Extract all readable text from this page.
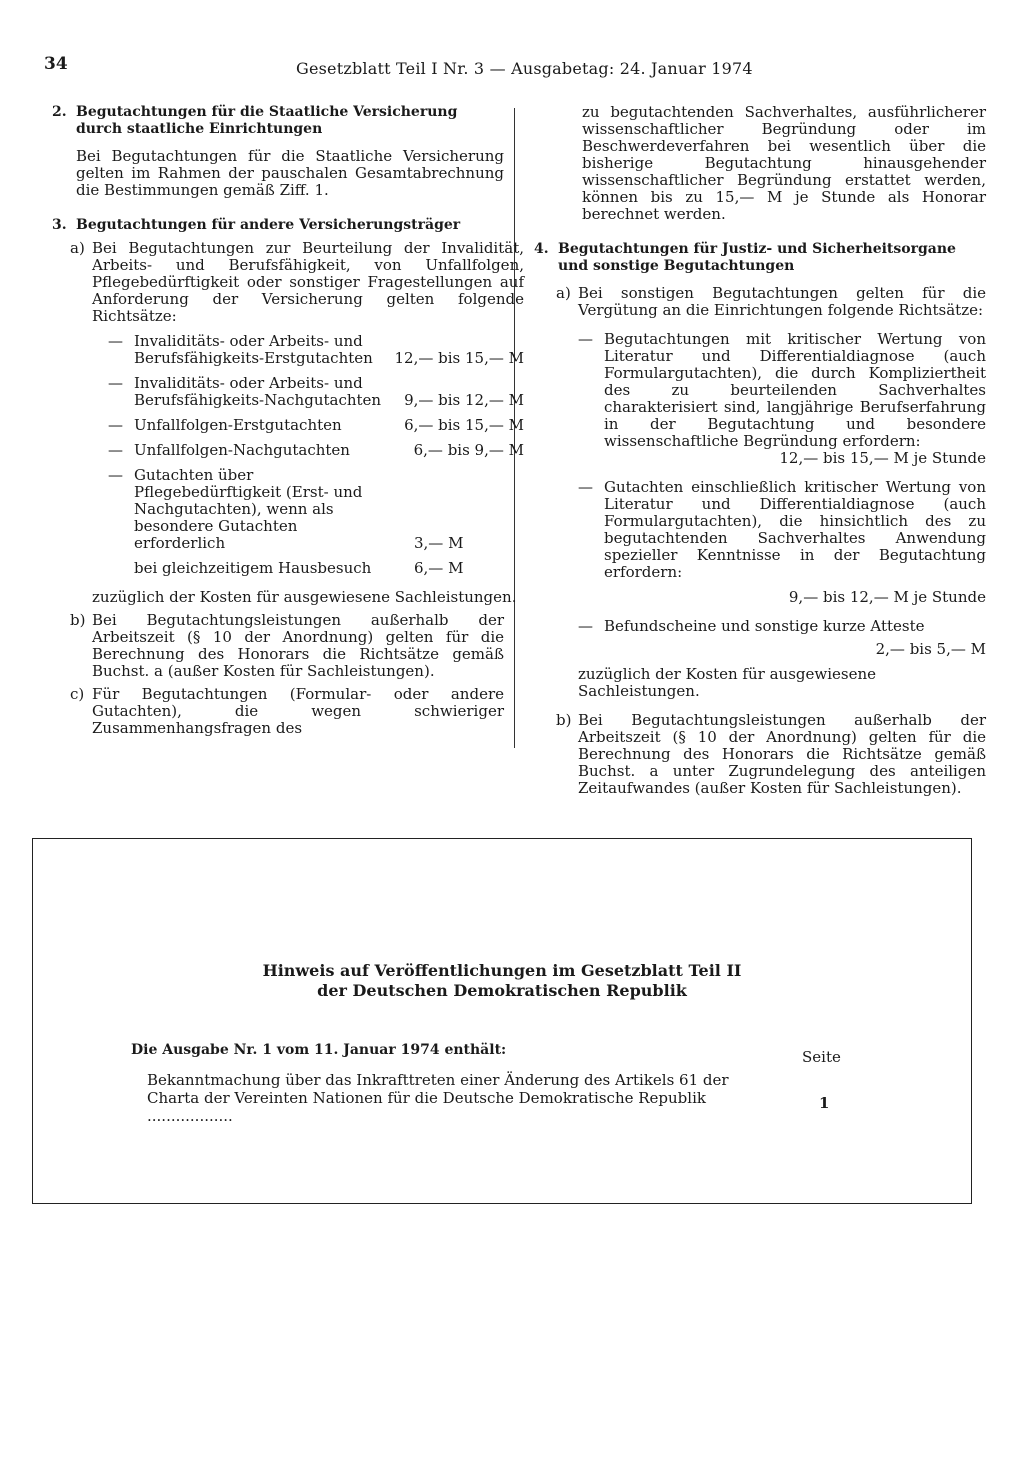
34	Gesetzblatt Teil I Nr. 3 — Ausgabetag: 24. Januar 1974
2. Begutachtungen für die Staatliche Versicherung durch staatliche Einrichtungen
Bei Begutachtungen für die Staatliche Versicherung gelten im Rahmen der pauschalen Gesamtabrechnung die Bestimmungen gemäß Ziff. 1.
3. Begutachtungen für andere Versicherungsträger
a) Bei Begutachtungen zur Beurteilung der Invalidität, Arbeits- und Berufsfähigkeit, von Unfallfolgen, Pflegebedürftigkeit oder sonstiger Fragestellungen auf Anforderung der Versicherung gelten folgende Richtsätze:
— Invaliditäts- oder Arbeits- und Berufsfähigkeits-Erstgutachten	12,— bis 15,— M
— Invaliditäts- oder Arbeits- und Berufsfähigkeits-Nachgutachten	9,— bis 12,— M
— Unfallfolgen-Erstgutachten	6,— bis 15,— M
— Unfallfolgen-Nachgutachten	6,— bis 9,— M
— Gutachten über Pflegebedürftigkeit (Erst- und Nachgutachten), wenn als besondere Gutachten erforderlich	3,— M
bei gleichzeitigem Hausbesuch	6,— M
zuzüglich der Kosten für ausgewiesene Sachleistungen.
b) Bei Begutachtungsleistungen außerhalb der Arbeitszeit (§ 10 der Anordnung) gelten für die Berechnung des Honorars die Richtsätze gemäß Buchst. a (außer Kosten für Sachleistungen).
c) Für Begutachtungen (Formular- oder andere Gutachten), die wegen schwieriger Zusammenhangsfragen des
zu begutachtenden Sachverhaltes, ausführlicherer wissenschaftlicher Begründung oder im Beschwerdeverfahren bei wesentlich über die bisherige Begutachtung hinausgehender wissenschaftlicher Begründung erstattet werden, können bis zu 15,— M je Stunde als Honorar berechnet werden.
4. Begutachtungen für Justiz- und Sicherheitsorgane und sonstige Begutachtungen
a) Bei sonstigen Begutachtungen gelten für die Vergütung an die Einrichtungen folgende Richtsätze:
— Begutachtungen mit kritischer Wertung von Literatur und Differentialdiagnose (auch Formulargutachten), die durch Kompliziertheit des zu beurteilenden Sachverhaltes charakterisiert sind, langjährige Berufserfahrung in der Begutachtung und besondere wissenschaftliche Begründung erfordern:
12,— bis 15,— M je Stunde
— Gutachten einschließlich kritischer Wertung von Literatur und Differentialdiagnose (auch Formulargutachten), die hinsichtlich des zu begutachtenden Sachverhaltes Anwendung spezieller Kenntnisse in der Begutachtung erfordern:
9,— bis 12,— M je Stunde
— Befundscheine und sonstige kurze Atteste
2,— bis 5,— M
zuzüglich der Kosten für ausgewiesene Sachleistungen.
b) Bei Begutachtungsleistungen außerhalb der Arbeitszeit (§ 10 der Anordnung) gelten für die Berechnung des Honorars die Richtsätze gemäß Buchst. a unter Zugrundelegung des anteiligen Zeitaufwandes (außer Kosten für Sachleistungen).
Hinweis auf Veröffentlichungen im Gesetzblatt Teil II
der Deutschen Demokratischen Republik
Die Ausgabe Nr. 1 vom 11. Januar 1974 enthält:	Seite
Bekanntmachung über das Inkrafttreten einer Änderung des Artikels 61 der Charta der Vereinten Nationen für die Deutsche Demokratische Republik ..................
1
